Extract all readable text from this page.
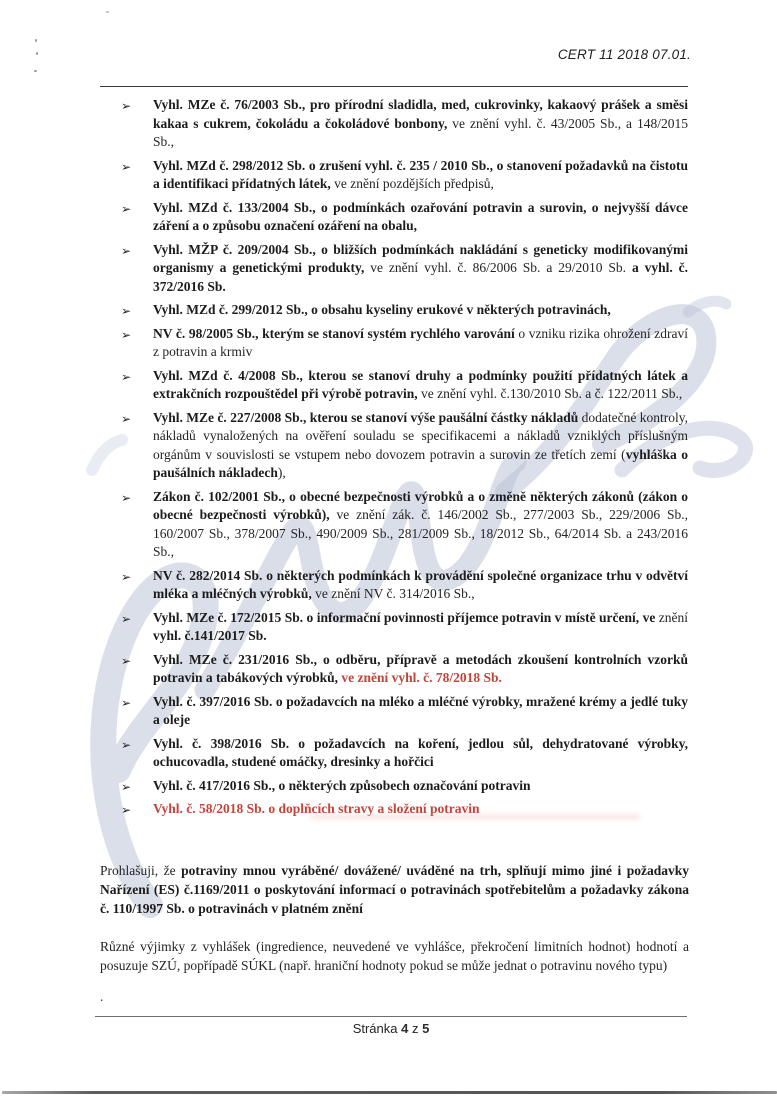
CERT 11 2018 07.01.
➢ Vyhl. MZe č. 76/2003 Sb., pro přírodní sladidla, med, cukrovinky, kakaový prášek a směsi kakaa s cukrem, čokoládu a čokoládové bonbony, ve znění vyhl. č. 43/2005 Sb., a 148/2015 Sb.,
➢ Vyhl. MZd č. 298/2012 Sb. o zrušení vyhl. č. 235 / 2010 Sb., o stanovení požadavků na čistotu a identifikaci přídatných látek, ve znění pozdějších předpisů,
➢ Vyhl. MZd č. 133/2004 Sb., o podmínkách ozařování potravin a surovin, o nejvyšší dávce záření a o způsobu označení ozáření na obalu,
➢ Vyhl. MŽP č. 209/2004 Sb., o bližších podmínkách nakládání s geneticky modifikovanými organismy a genetickými produkty, ve znění vyhl. č. 86/2006 Sb. a 29/2010 Sb. a vyhl. č. 372/2016 Sb.
➢ Vyhl. MZd č. 299/2012 Sb., o obsahu kyseliny erukové v některých potravinách,
➢ NV č. 98/2005 Sb., kterým se stanoví systém rychlého varování o vzniku rizika ohrožení zdraví z potravin a krmiv
➢ Vyhl. MZd č. 4/2008 Sb., kterou se stanoví druhy a podmínky použití přídatných látek a extrakčních rozpouštědel při výrobě potravin, ve znění vyhl. č.130/2010 Sb. a č. 122/2011 Sb.,
➢ Vyhl. MZe č. 227/2008 Sb., kterou se stanoví výše paušální částky nákladů dodatečné kontroly, nákladů vynaložených na ověření souladu se specifikacemi a nákladů vzniklých příslušným orgánům v souvislosti se vstupem nebo dovozem potravin a surovin ze třetích zemí (vyhláška o paušálních nákladech),
➢ Zákon č. 102/2001 Sb., o obecné bezpečnosti výrobků a o změně některých zákonů (zákon o obecné bezpečnosti výrobků), ve znění zák. č. 146/2002 Sb., 277/2003 Sb., 229/2006 Sb., 160/2007 Sb., 378/2007 Sb., 490/2009 Sb., 281/2009 Sb., 18/2012 Sb., 64/2014 Sb. a 243/2016 Sb.,
➢ NV č. 282/2014 Sb. o některých podmínkách k provádění společné organizace trhu v odvětví mléka a mléčných výrobků, ve znění NV č. 314/2016 Sb.,
➢ Vyhl. MZe č. 172/2015 Sb. o informační povinnosti příjemce potravin v místě určení, ve znění vyhl. č.141/2017 Sb.
➢ Vyhl. MZe č. 231/2016 Sb., o odběru, přípravě a metodách zkoušení kontrolních vzorků potravin a tabákových výrobků, ve znění vyhl. č. 78/2018 Sb.
➢ Vyhl. č. 397/2016 Sb. o požadavcích na mléko a mléčné výrobky, mražené krémy a jedlé tuky a oleje
➢ Vyhl. č. 398/2016 Sb. o požadavcích na koření, jedlou sůl, dehydratované výrobky, ochucovadla, studené omáčky, dresinky a hořčici
➢ Vyhl. č. 417/2016 Sb., o některých způsobech označování potravin
➢ Vyhl. č. 58/2018 Sb. o doplňcích stravy a složení potravin

Prohlašuji, že potraviny mnou vyráběné/ dovážené/ uváděné na trh, splňují mimo jiné i požadavky Nařízení (ES) č.1169/2011 o poskytování informací o potravinách spotřebitelům a požadavky zákona č. 110/1997 Sb. o potravinách v platném znění

Různé výjimky z vyhlášek (ingredience, neuvedené ve vyhlášce, překročení limitních hodnot) hodnotí a posuzuje SZÚ, popřípadě SÚKL (např. hraniční hodnoty pokud se může jednat o potravinu nového typu)

.
Stránka 4 z 5
